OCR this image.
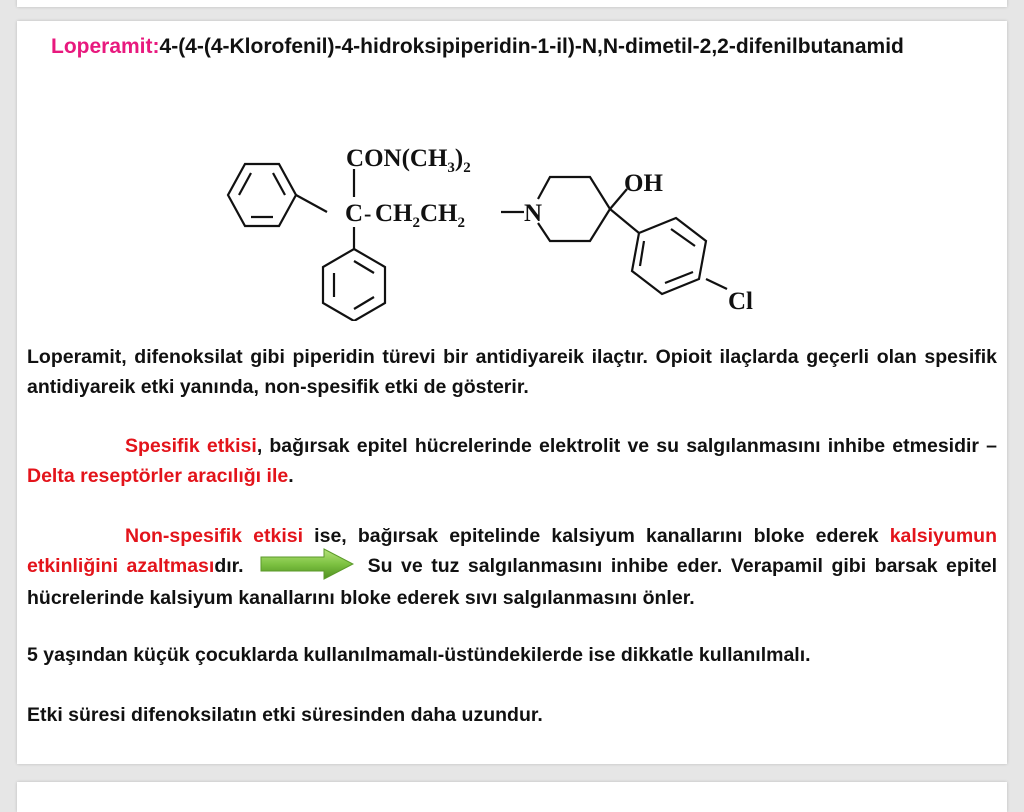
Loperamit:4-(4-(4-Klorofenil)-4-hidroksipiperidin-1-il)-N,N-dimetil-2,2-difenilbutanamid
$CON(CH_3)_2$
C - $CH_2CH_2$ N
OH
Cl
Loperamit, difenoksilat gibi piperidin türevi bir antidiyareik ilaçtır. Opioit ilaçlarda geçerli olan spesifik antidiyareik etki yanında, non-spesifik etki de gösterir.
Spesifik etkisi, bağırsak epitel hücrelerinde elektrolit ve su salgılanmasını inhibe etmesidir – Delta reseptörler aracılığı ile.
Non-spesifik etkisi ise, bağırsak epitelinde kalsiyum kanallarını bloke ederek kalsiyumun etkinliğini azaltmasıdır.	Su ve tuz salgılanmasını inhibe eder. Verapamil gibi barsak epitel hücrelerinde kalsiyum kanallarını bloke ederek sıvı salgılanmasını önler.
5 yaşından küçük çocuklarda kullanılmamalı-üstündekilerde ise dikkatle kullanılmalı.
Etki süresi difenoksilatın etki süresinden daha uzundur.
